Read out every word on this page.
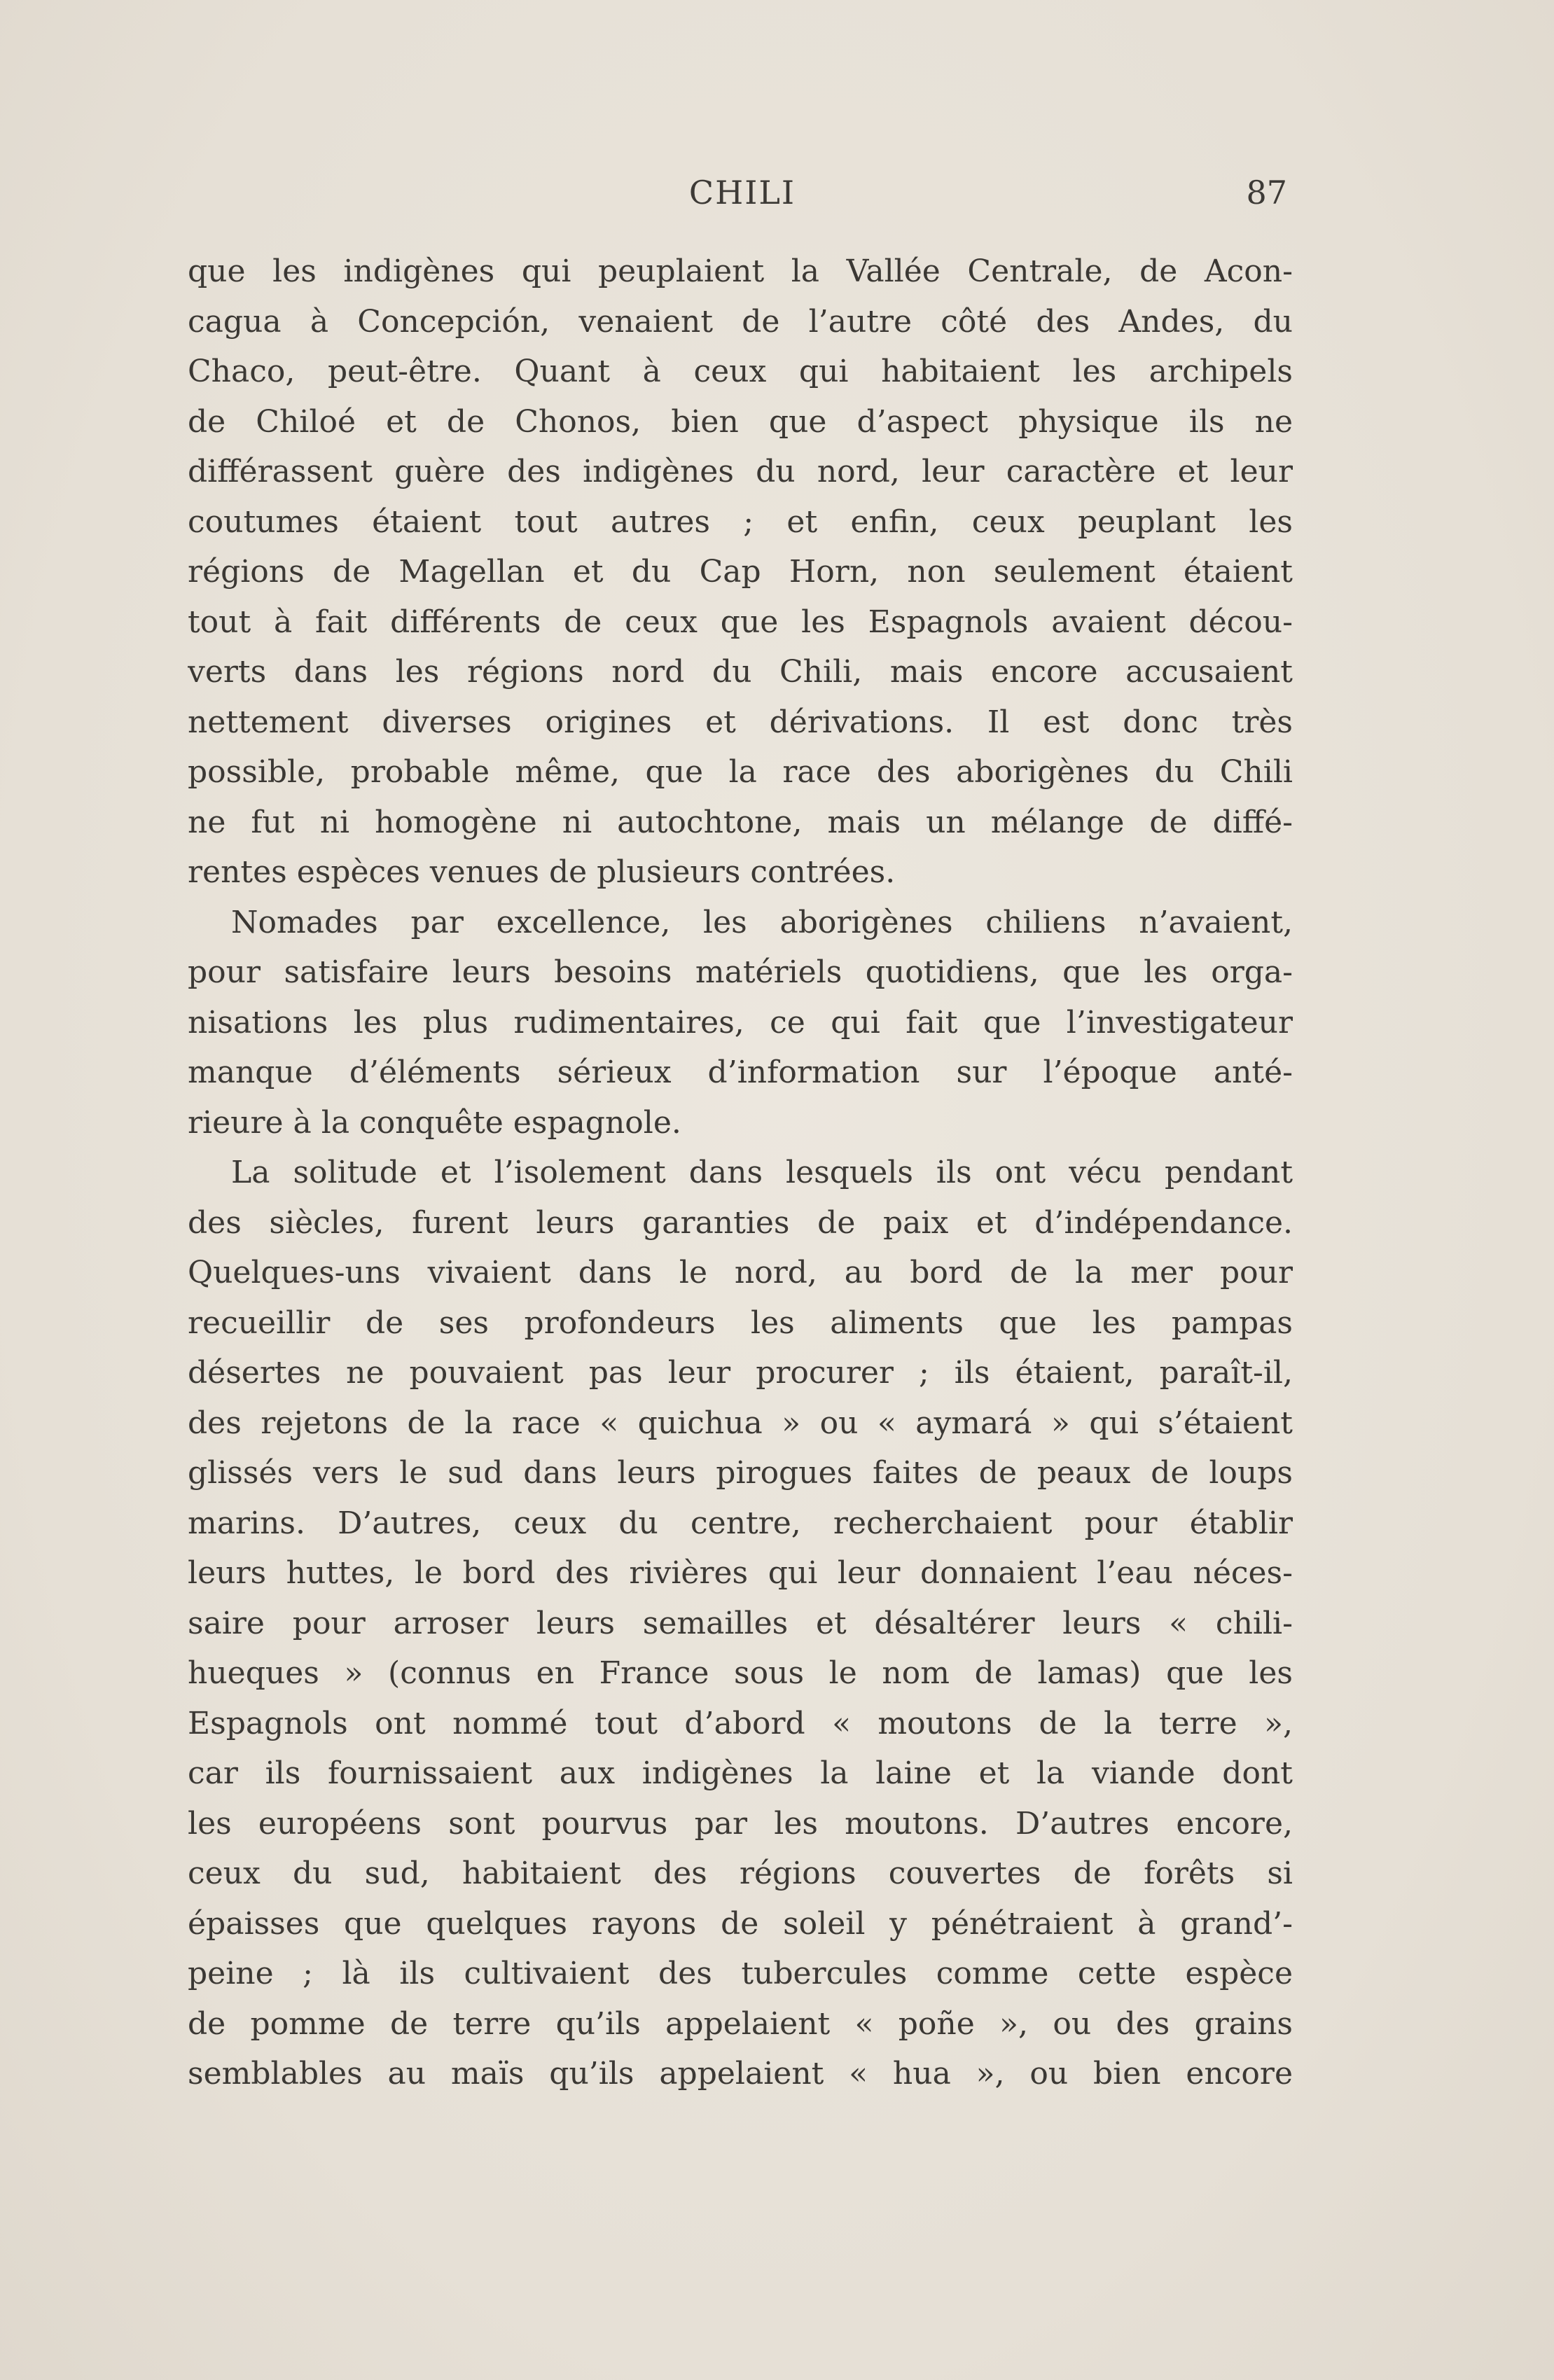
CHILI	87
que les indigènes qui peuplaient la Vallée Centrale, de Acon-
cagua à Concepción, venaient de l’autre côté des Andes, du
Chaco, peut-être. Quant à ceux qui habitaient les archipels
de Chiloé et de Chonos, bien que d’aspect physique ils ne
différassent guère des indigènes du nord, leur caractère et leur
coutumes étaient tout autres ; et enfin, ceux peuplant les
régions de Magellan et du Cap Horn, non seulement étaient
tout à fait différents de ceux que les Espagnols avaient décou-
verts dans les régions nord du Chili, mais encore accusaient
nettement diverses origines et dérivations. Il est donc très
possible, probable même, que la race des aborigènes du Chili
ne fut ni homogène ni autochtone, mais un mélange de diffé-
rentes espèces venues de plusieurs contrées.
Nomades par excellence, les aborigènes chiliens n’avaient,
pour satisfaire leurs besoins matériels quotidiens, que les orga-
nisations les plus rudimentaires, ce qui fait que l’investigateur
manque d’éléments sérieux d’information sur l’époque anté-
rieure à la conquête espagnole.
La solitude et l’isolement dans lesquels ils ont vécu pendant
des siècles, furent leurs garanties de paix et d’indépendance.
Quelques-uns vivaient dans le nord, au bord de la mer pour
recueillir de ses profondeurs les aliments que les pampas
désertes ne pouvaient pas leur procurer ; ils étaient, paraît-il,
des rejetons de la race « quichua » ou « aymará » qui s’étaient
glissés vers le sud dans leurs pirogues faites de peaux de loups
marins. D’autres, ceux du centre, recherchaient pour établir
leurs huttes, le bord des rivières qui leur donnaient l’eau néces-
saire pour arroser leurs semailles et désaltérer leurs « chili-
hueques » (connus en France sous le nom de lamas) que les
Espagnols ont nommé tout d’abord « moutons de la terre »,
car ils fournissaient aux indigènes la laine et la viande dont
les européens sont pourvus par les moutons. D’autres encore,
ceux du sud, habitaient des régions couvertes de forêts si
épaisses que quelques rayons de soleil y pénétraient à grand’-
peine ; là ils cultivaient des tubercules comme cette espèce
de pomme de terre qu’ils appelaient « poñe », ou des grains
semblables au maïs qu’ils appelaient « hua », ou bien encore
